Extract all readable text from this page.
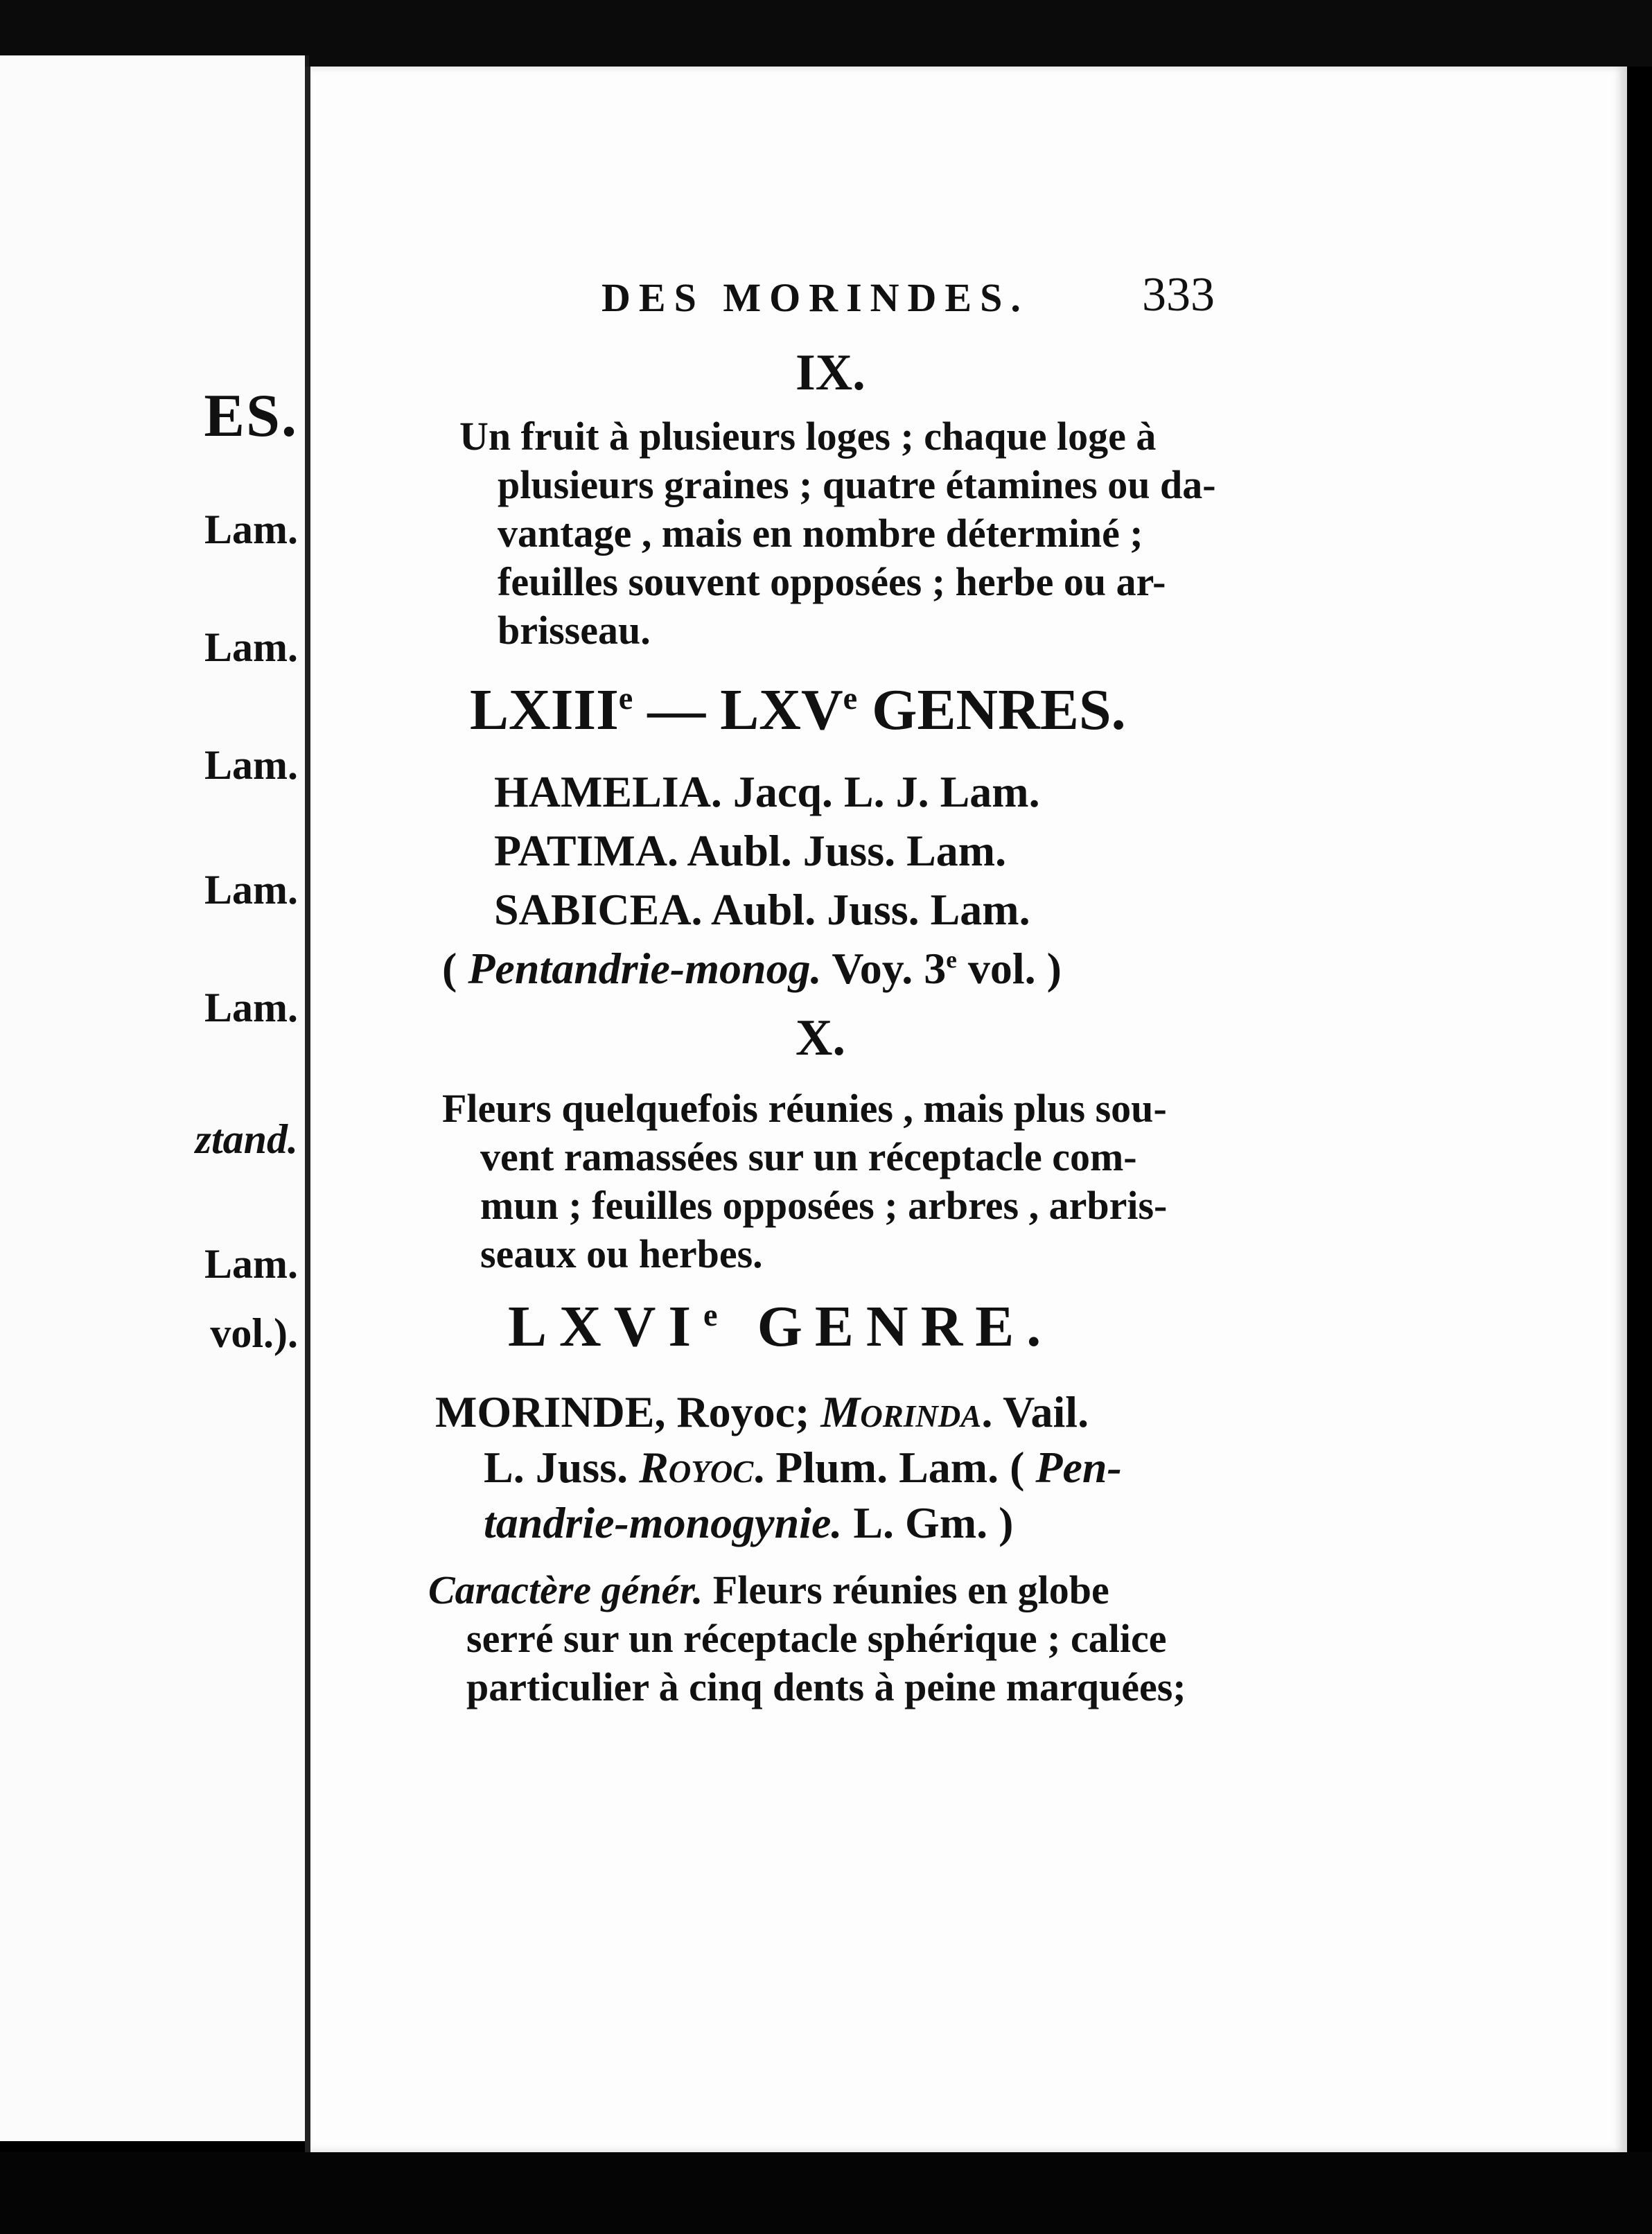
ES.
Lam.
Lam.
Lam.
Lam.
Lam.
ztand.
Lam.
vol.).
DES MORINDES. 333
IX.
Un fruit à plusieurs loges ; chaque loge à
plusieurs graines ; quatre étamines ou da-
vantage , mais en nombre déterminé ;
feuilles souvent opposées ; herbe ou ar-
brisseau.
LXIIIe — LXVe GENRES.
HAMELIA. Jacq. L. J. Lam.
PATIMA. Aubl. Juss. Lam.
SABICEA. Aubl. Juss. Lam.
( Pentandrie-monog. Voy. 3e vol. )
X.
Fleurs quelquefois réunies , mais plus sou-
vent ramassées sur un réceptacle com-
mun ; feuilles opposées ; arbres , arbris-
seaux ou herbes.
LXVIe GENRE.
MORINDE, Royoc; Morinda. Vail.
L. Juss. Royoc. Plum. Lam. ( Pen-
tandrie-monogynie. L. Gm. )
Caractère génér. Fleurs réunies en globe
serré sur un réceptacle sphérique ; calice
particulier à cinq dents à peine marquées;
